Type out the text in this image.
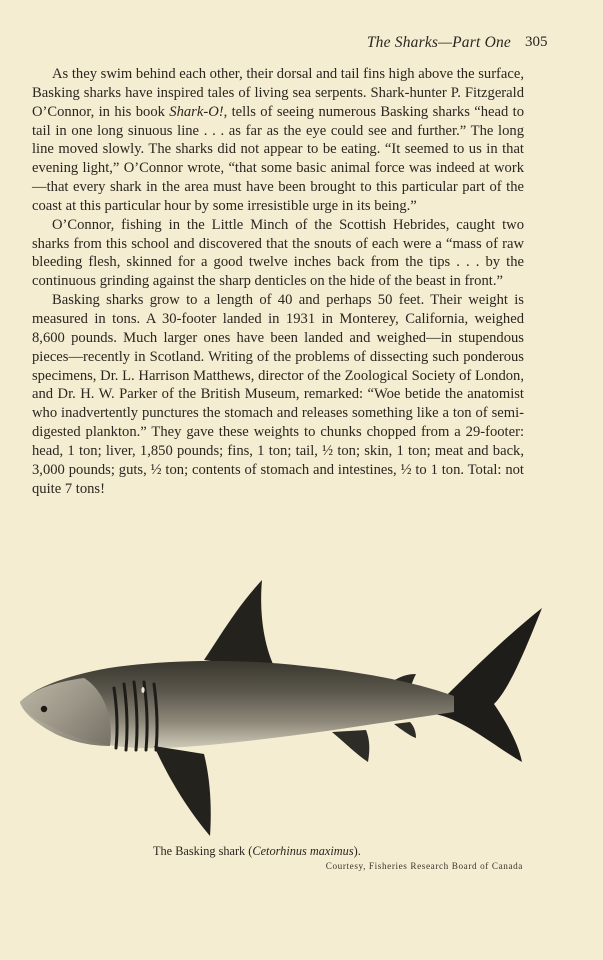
The Sharks—Part One 305

As they swim behind each other, their dorsal and tail fins high above the surface, Basking sharks have inspired tales of living sea serpents. Shark-hunter P. Fitzgerald O’Connor, in his book Shark-O!, tells of seeing numerous Basking sharks “head to tail in one long sinuous line . . . as far as the eye could see and further.” The long line moved slowly. The sharks did not appear to be eating. “It seemed to us in that evening light,” O’Connor wrote, “that some basic animal force was indeed at work—that every shark in the area must have been brought to this particular part of the coast at this particular hour by some irresistible urge in its being.”

O’Connor, fishing in the Little Minch of the Scottish Hebrides, caught two sharks from this school and discovered that the snouts of each were a “mass of raw bleeding flesh, skinned for a good twelve inches back from the tips . . . by the continuous grinding against the sharp denticles on the hide of the beast in front.”

Basking sharks grow to a length of 40 and perhaps 50 feet. Their weight is measured in tons. A 30-footer landed in 1931 in Monterey, California, weighed 8,600 pounds. Much larger ones have been landed and weighed—in stupendous pieces—recently in Scotland. Writing of the problems of dissecting such ponderous specimens, Dr. L. Harrison Matthews, director of the Zoological Society of London, and Dr. H. W. Parker of the British Museum, remarked: “Woe betide the anatomist who inadvertently punctures the stomach and releases something like a ton of semi-digested plankton.” They gave these weights to chunks chopped from a 29-footer: head, 1 ton; liver, 1,850 pounds; fins, 1 ton; tail, ½ ton; skin, 1 ton; meat and back, 3,000 pounds; guts, ½ ton; contents of stomach and intestines, ½ to 1 ton. Total: not quite 7 tons!

The Basking shark (Cetorhinus maximus).
Courtesy, Fisheries Research Board of Canada
